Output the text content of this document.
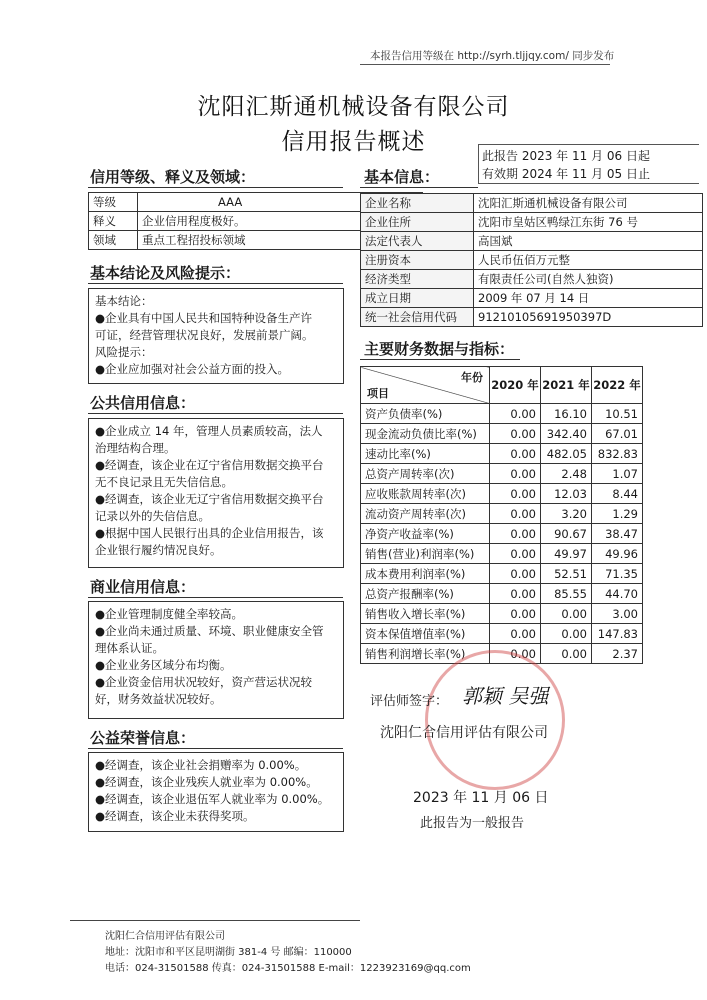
本报告信用等级在 http://syrh.tljjqy.com/ 同步发布
沈阳汇斯通机械设备有限公司
信用报告概述
此报告 2023 年 11 月 06 日起
有效期 2024 年 11 月 05 日止
信用等级、释义及领域：
等级	AAA
释义	企业信用程度极好。
领域	重点工程招投标领域
基本信息：
企业名称	沈阳汇斯通机械设备有限公司
企业住所	沈阳市皇姑区鸭绿江东街 76 号
法定代表人	高国斌
注册资本	人民币伍佰万元整
经济类型	有限责任公司(自然人独资)
成立日期	2009 年 07 月 14 日
统一社会信用代码	91210105691950397D
基本结论及风险提示：

基本结论：

●企业具有中国人民共和国特种设备生产许

可证，经营管理状况良好，发展前景广阔。

风险提示：

●企业应加强对社会公益方面的投入。

公共信用信息：

●企业成立 14 年，管理人员素质较高，法人

治理结构合理。

●经调查，该企业在辽宁省信用数据交换平台

无不良记录且无失信信息。

●经调查，该企业无辽宁省信用数据交换平台

记录以外的失信信息。

●根据中国人民银行出具的企业信用报告，该

企业银行履约情况良好。

商业信用信息：

●企业管理制度健全率较高。

●企业尚未通过质量、环境、职业健康安全管

理体系认证。

●企业业务区域分布均衡。

●企业资金信用状况较好，资产营运状况较

好，财务效益状况较好。

公益荣誉信息：

●经调查，该企业社会捐赠率为 0.00%。

●经调查，该企业残疾人就业率为 0.00%。

●经调查，该企业退伍军人就业率为 0.00%。

●经调查，该企业未获得奖项。

主要财务数据与指标：
年份
项目	2020 年	2021 年	2022 年
资产负债率(%)	0.00	16.10	10.51
现金流动负债比率(%)	0.00	342.40	67.01
速动比率(%)	0.00	482.05	832.83
总资产周转率(次)	0.00	2.48	1.07
应收账款周转率(次)	0.00	12.03	8.44
流动资产周转率(次)	0.00	3.20	1.29
净资产收益率(%)	0.00	90.67	38.47
销售(营业)利润率(%)	0.00	49.97	49.96
成本费用利润率(%)	0.00	52.51	71.35
总资产报酬率(%)	0.00	85.55	44.70
销售收入增长率(%)	0.00	0.00	3.00
资本保值增值率(%)	0.00	0.00	147.83
销售利润增长率(%)	0.00	0.00	2.37
评估师签字： 郭颖 吴强
沈阳仁合信用评估有限公司
2023 年 11 月 06 日
此报告为一般报告
沈阳仁合信用评估有限公司
地址：沈阳市和平区昆明湖街 381-4 号 邮编：110000
电话：024-31501588 传真：024-31501588 E-mail：1223923169@qq.com
